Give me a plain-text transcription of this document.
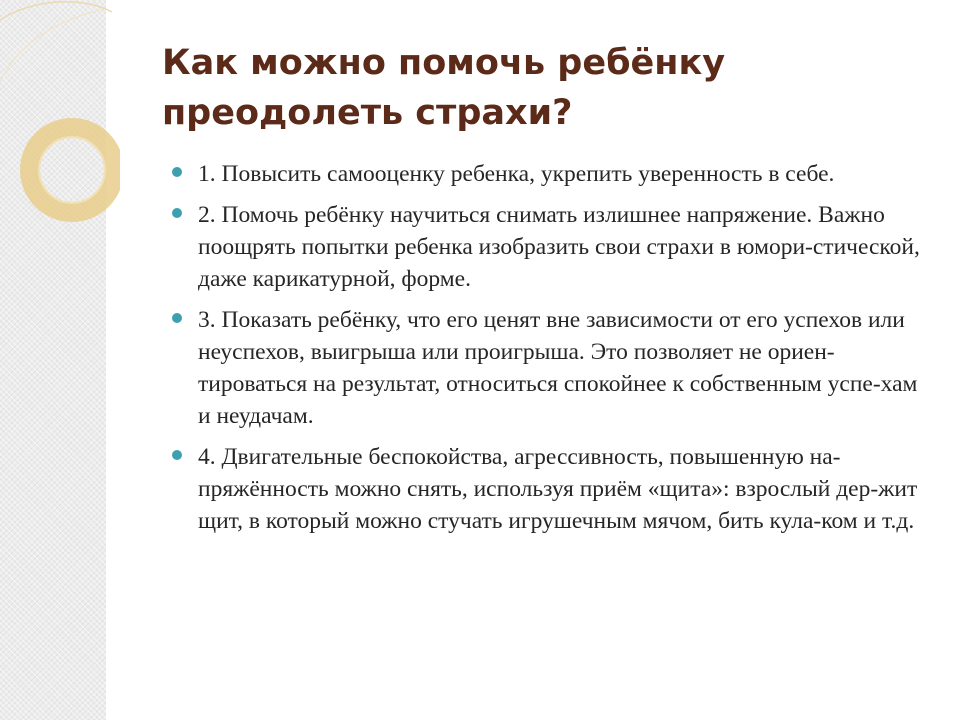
Как можно помочь ребёнку
преодолеть страхи?
1. Повысить самооценку ребенка, укрепить уверенность в себе.
2. Помочь ребёнку научиться снимать излишнее напряжение. Важно поощрять попытки ребенка изобразить свои страхи в юмори-стической, даже карикатурной, форме.
3. Показать ребёнку, что его ценят вне зависимости от его успехов или неуспехов, выигрыша или проигрыша. Это позволяет не ориен-тироваться на результат, относиться спокойнее к собственным успе-хам и неудачам.
4. Двигательные беспокойства, агрессивность, повышенную на-пряжённость можно снять, используя приём «щита»: взрослый дер-жит щит, в который можно стучать игрушечным мячом, бить кула-ком и т.д.
